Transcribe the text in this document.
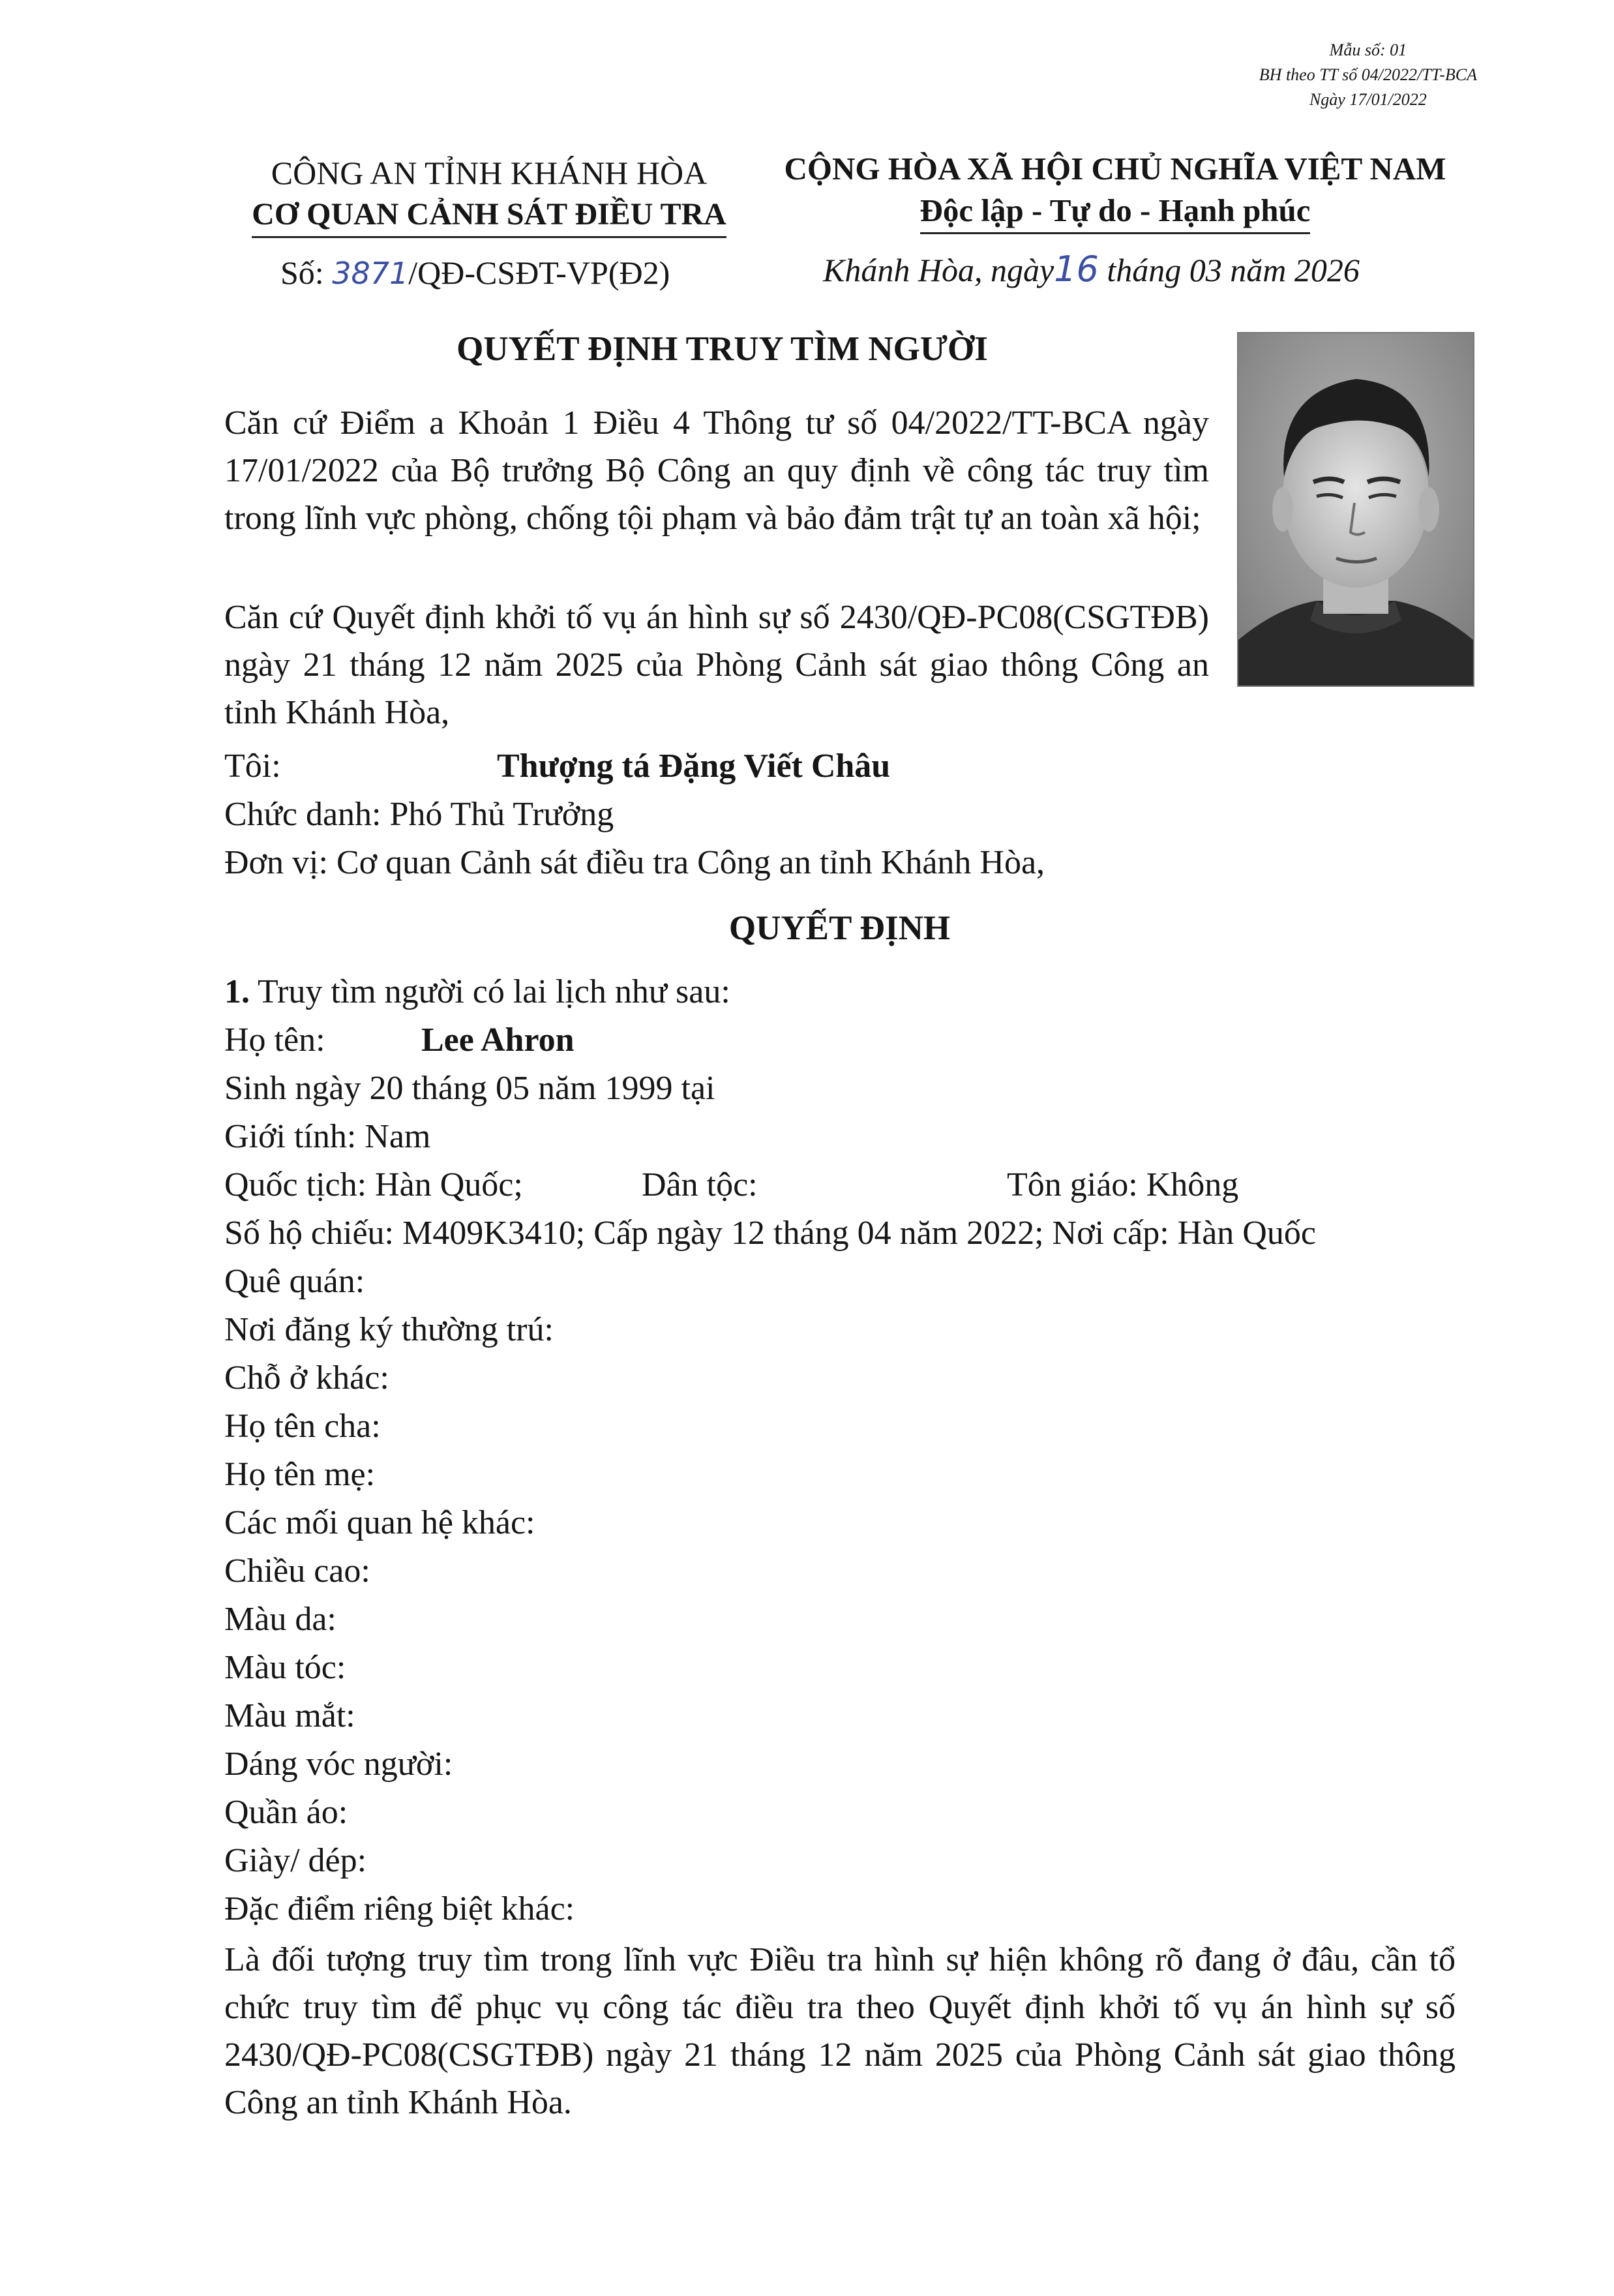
Mẫu số: 01
BH theo TT số 04/2022/TT-BCA
Ngày 17/01/2022
CÔNG AN TỈNH KHÁNH HÒA
CƠ QUAN CẢNH SÁT ĐIỀU TRA
CỘNG HÒA XÃ HỘI CHỦ NGHĨA VIỆT NAM
Độc lập - Tự do - Hạnh phúc
Số: 3871/QĐ-CSĐT-VP(Đ2)	Khánh Hòa, ngày16 tháng 03 năm 2026
QUYẾT ĐỊNH TRUY TÌM NGƯỜI
Căn cứ Điểm a Khoản 1 Điều 4 Thông tư số 04/2022/TT-BCA ngày 17/01/2022 của Bộ trưởng Bộ Công an quy định về công tác truy tìm trong lĩnh vực phòng, chống tội phạm và bảo đảm trật tự an toàn xã hội;
Căn cứ Quyết định khởi tố vụ án hình sự số 2430/QĐ-PC08(CSGTĐB) ngày 21 tháng 12 năm 2025 của Phòng Cảnh sát giao thông Công an tỉnh Khánh Hòa,
Tôi:	Thượng tá Đặng Viết Châu
Chức danh: Phó Thủ Trưởng
Đơn vị: Cơ quan Cảnh sát điều tra Công an tỉnh Khánh Hòa,
QUYẾT ĐỊNH
1. Truy tìm người có lai lịch như sau:
Họ tên:	Lee Ahron
Sinh ngày 20 tháng 05 năm 1999 tại
Giới tính: Nam
Quốc tịch: Hàn Quốc;	Dân tộc:	Tôn giáo: Không
Số hộ chiếu: M409K3410; Cấp ngày 12 tháng 04 năm 2022; Nơi cấp: Hàn Quốc
Quê quán:
Nơi đăng ký thường trú:
Chỗ ở khác:
Họ tên cha:
Họ tên mẹ:
Các mối quan hệ khác:
Chiều cao:
Màu da:
Màu tóc:
Màu mắt:
Dáng vóc người:
Quần áo:
Giày/ dép:
Đặc điểm riêng biệt khác:
Là đối tượng truy tìm trong lĩnh vực Điều tra hình sự hiện không rõ đang ở đâu, cần tổ chức truy tìm để phục vụ công tác điều tra theo Quyết định khởi tố vụ án hình sự số 2430/QĐ-PC08(CSGTĐB) ngày 21 tháng 12 năm 2025 của Phòng Cảnh sát giao thông Công an tỉnh Khánh Hòa.
